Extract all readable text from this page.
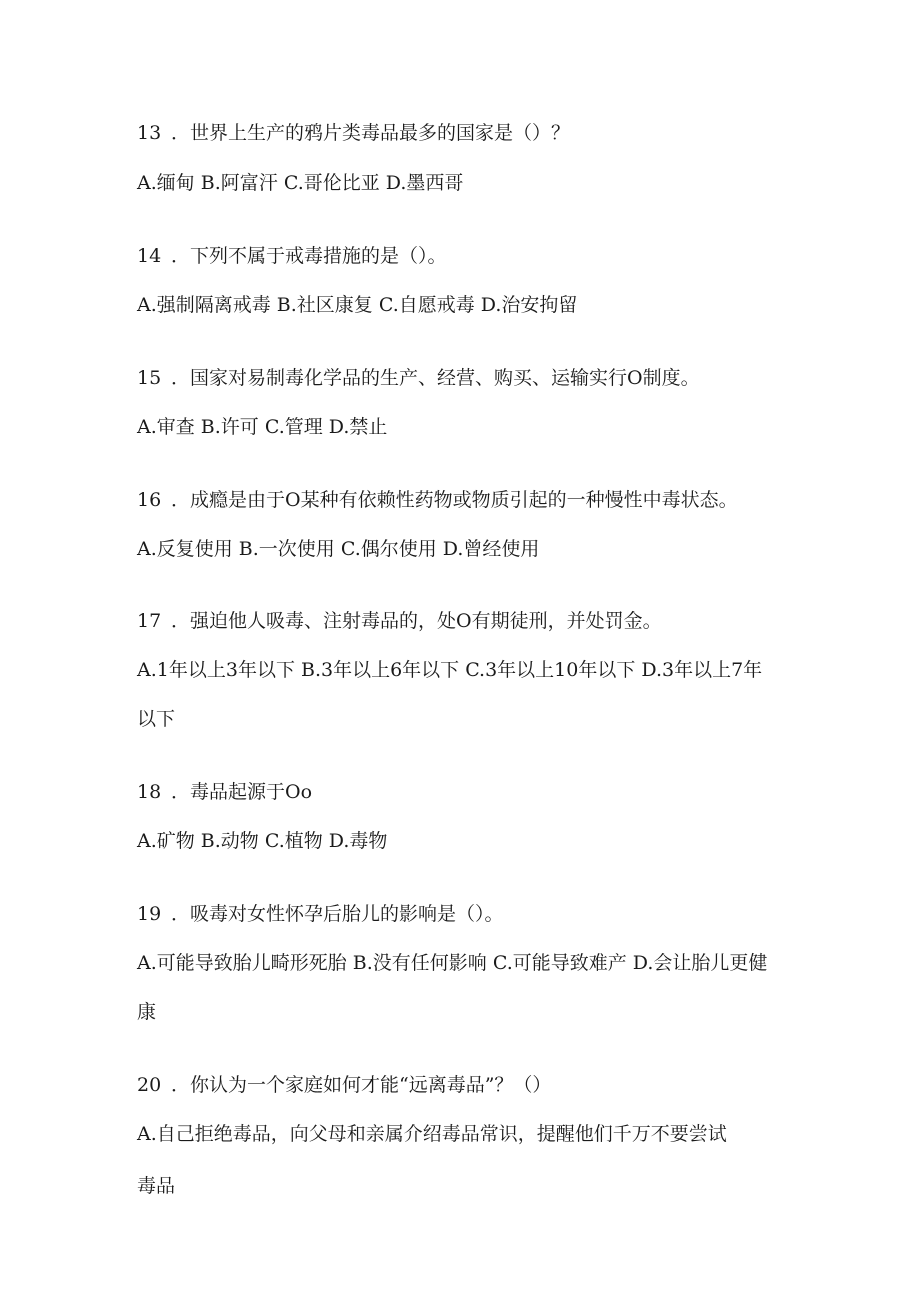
13 ．世界上生产的鸦片类毒品最多的国家是（）？
A.缅甸 B.阿富汗 C.哥伦比亚 D.墨西哥
14 ．下列不属于戒毒措施的是（）。
A.强制隔离戒毒 B.社区康复 C.自愿戒毒 D.治安拘留
15 ．国家对易制毒化学品的生产、经营、购买、运输实行O制度。
A.审查 B.许可 C.管理 D.禁止
16 ．成瘾是由于O某种有依赖性药物或物质引起的一种慢性中毒状态。
A.反复使用 B.一次使用 C.偶尔使用 D.曾经使用
17 ．强迫他人吸毒、注射毒品的，处O有期徒刑，并处罚金。
A.1年以上3年以下 B.3年以上6年以下 C.3年以上10年以下 D.3年以上7年
以下
18 ．毒品起源于Oo
A.矿物 B.动物 C.植物 D.毒物
19 ．吸毒对女性怀孕后胎儿的影响是（）。
A.可能导致胎儿畸形死胎 B.没有任何影响 C.可能导致难产 D.会让胎儿更健
康
20 ．你认为一个家庭如何才能“远离毒品”？（）
A.自己拒绝毒品，向父母和亲属介绍毒品常识，提醒他们千万不要尝试
毒品
